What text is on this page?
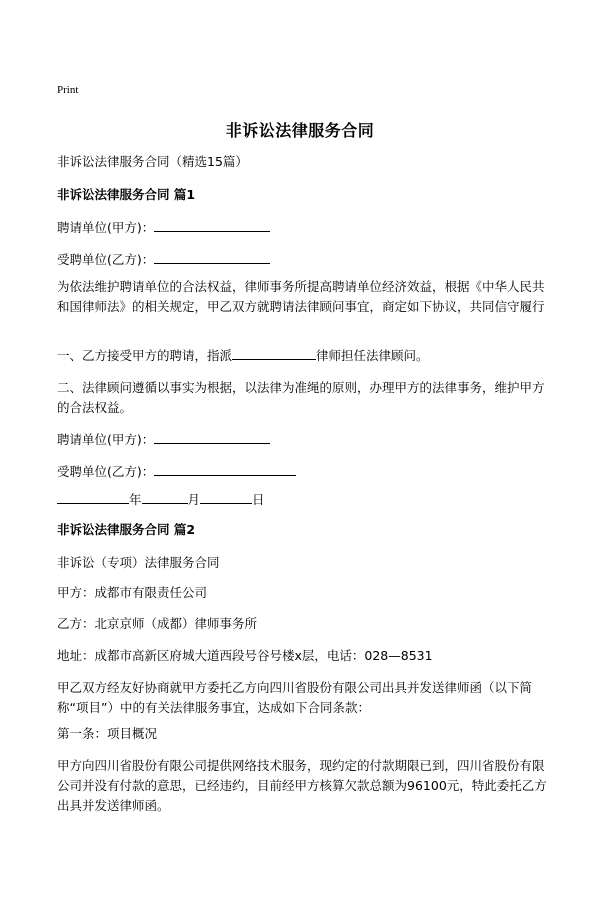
Print
非诉讼法律服务合同
非诉讼法律服务合同（精选15篇）
非诉讼法律服务合同 篇1
聘请单位(甲方)：
受聘单位(乙方)：
为依法维护聘请单位的合法权益，律师事务所提高聘请单位经济效益，根据《中华人民共和国律师法》的相关规定，甲乙双方就聘请法律顾问事宜，商定如下协议，共同信守履行
一、乙方接受甲方的聘请，指派	律师担任法律顾问。
二、法律顾问遵循以事实为根据，以法律为准绳的原则，办理甲方的法律事务，维护甲方的合法权益。
聘请单位(甲方)：
受聘单位(乙方)：
年	月	日
非诉讼法律服务合同 篇2
非诉讼（专项）法律服务合同
甲方：成都市有限责任公司
乙方：北京京师（成都）律师事务所
地址：成都市高新区府城大道西段号谷号楼x层，电话：028—8531
甲乙双方经友好协商就甲方委托乙方向四川省股份有限公司出具并发送律师函（以下简称“项目”）中的有关法律服务事宜，达成如下合同条款：
第一条：项目概况
甲方向四川省股份有限公司提供网络技术服务，现约定的付款期限已到，四川省股份有限公司并没有付款的意思，已经违约，目前经甲方核算欠款总额为96100元，特此委托乙方出具并发送律师函。
